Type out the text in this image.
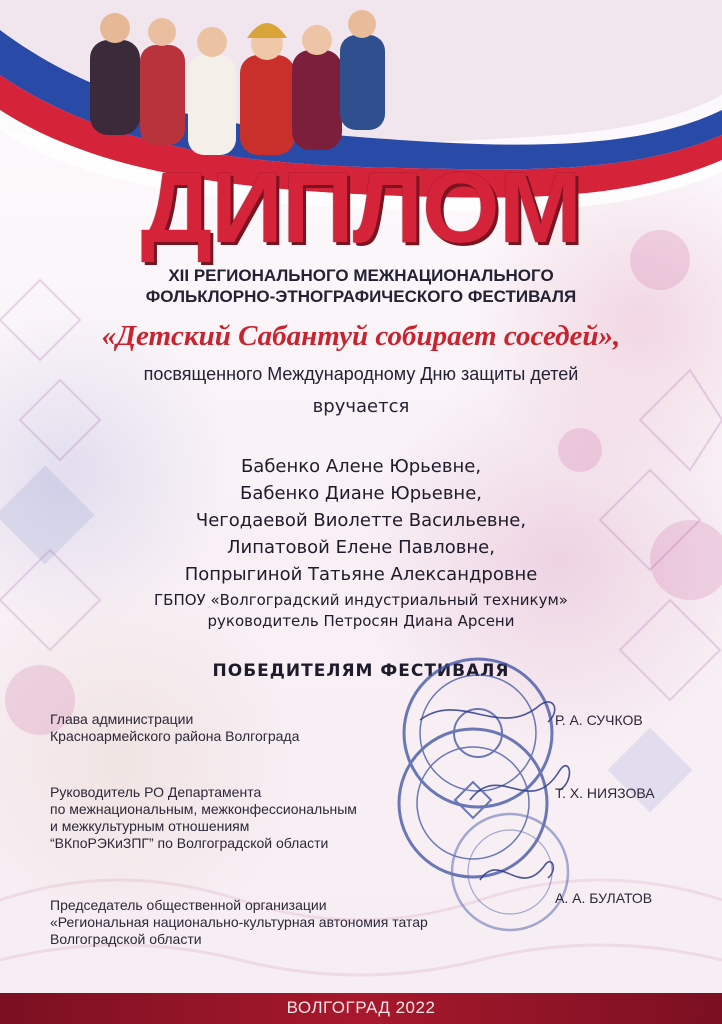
ДИПЛОМ
XII РЕГИОНАЛЬНОГО МЕЖНАЦИОНАЛЬНОГО
ФОЛЬКЛОРНО-ЭТНОГРАФИЧЕСКОГО ФЕСТИВАЛЯ
«Детский Сабантуй собирает соседей»,
посвященного Международному Дню защиты детей
вручается
Бабенко Алене Юрьевне,
Бабенко Диане Юрьевне,
Чегодаевой Виолетте Васильевне,
Липатовой Елене Павловне,
Попрыгиной Татьяне Александровне
ГБПОУ «Волгоградский индустриальный техникум»
руководитель Петросян Диана Арсени
ПОБЕДИТЕЛЯМ ФЕСТИВАЛЯ
Глава администрации
Красноармейского района Волгограда
Р. А. СУЧКОВ
Руководитель РО Департамента
по межнациональным, межконфессиональным
и межкультурным отношениям
“ВКпоРЭКиЗПГ” по Волгоградской области
Т. Х. НИЯЗОВА
Председатель общественной организации
«Региональная национально-культурная автономия татар
Волгоградской области
А. А. БУЛАТОВ
ВОЛГОГРАД 2022
